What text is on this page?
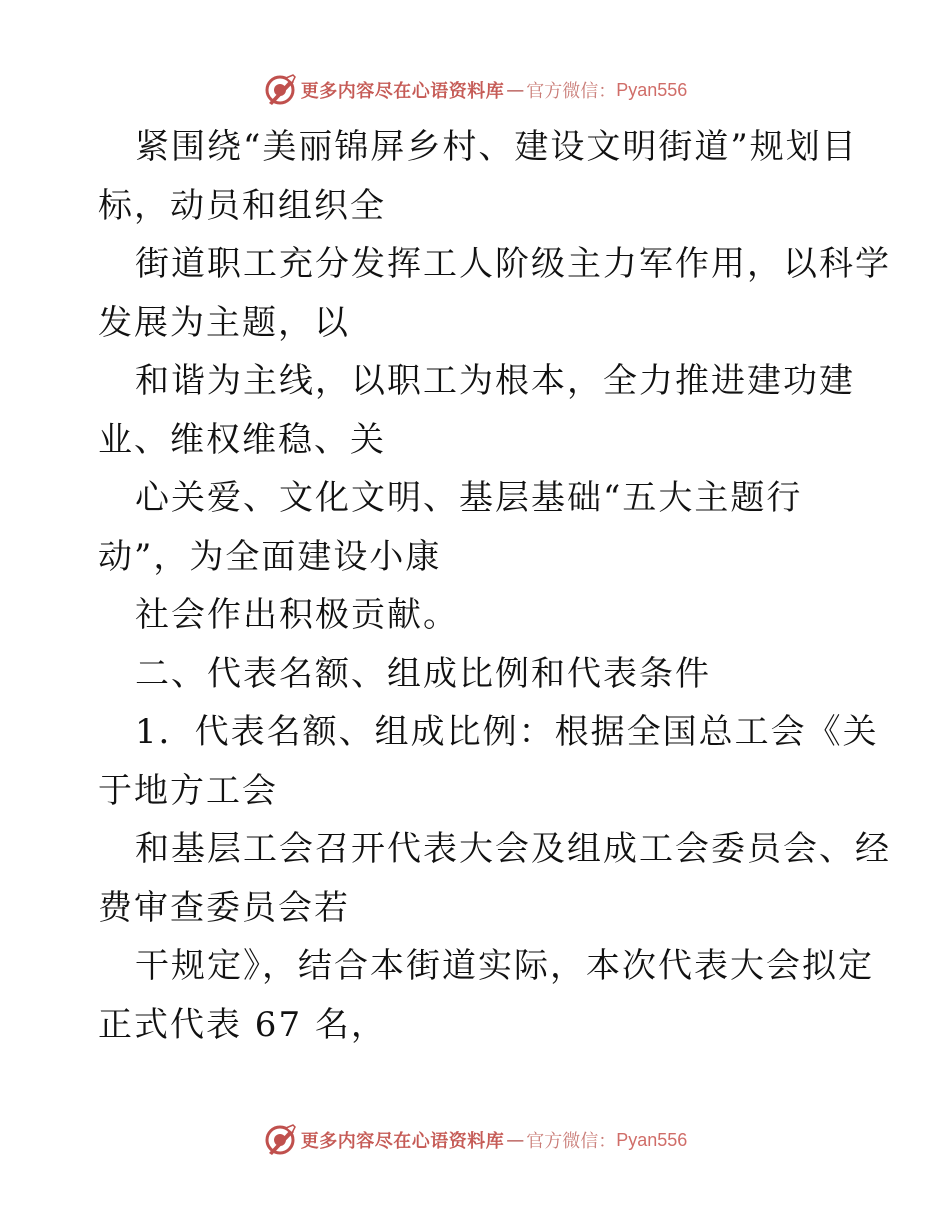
更多内容尽在心语资料库 — 官方微信： Pyan556
紧围绕“美丽锦屏乡村、建设文明街道”规划目
标，动员和组织全
街道职工充分发挥工人阶级主力军作用，以科学
发展为主题，以
和谐为主线，以职工为根本，全力推进建功建
业、维权维稳、关
心关爱、文化文明、基层基础“五大主题行
动”，为全面建设小康
社会作出积极贡献。
二、代表名额、组成比例和代表条件
1．代表名额、组成比例：根据全国总工会《关
于地方工会
和基层工会召开代表大会及组成工会委员会、经
费审查委员会若
干规定》，结合本街道实际，本次代表大会拟定
正式代表 67 名，
更多内容尽在心语资料库 — 官方微信： Pyan556
